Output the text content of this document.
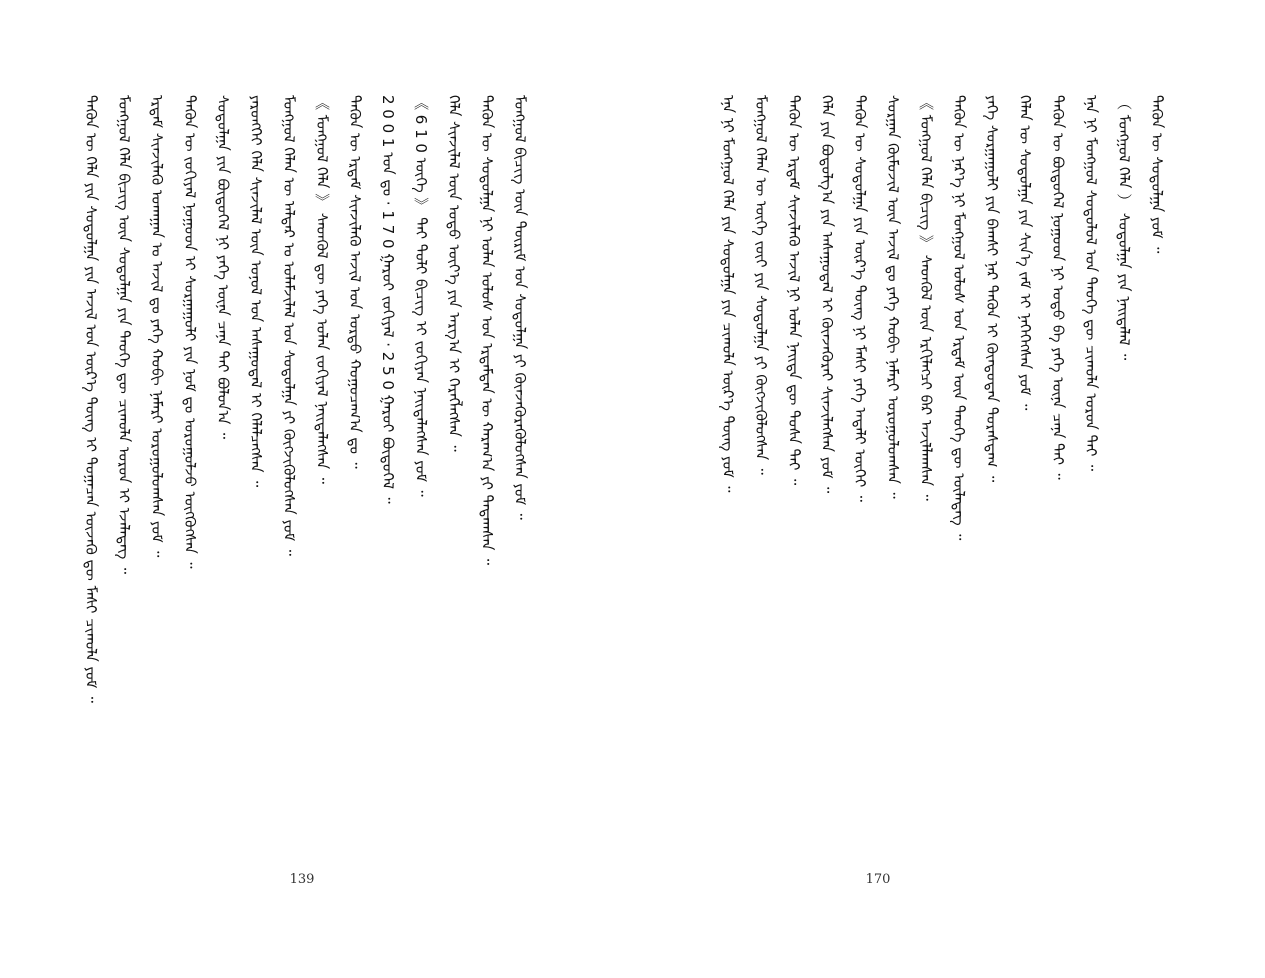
ᠲᠡᠭᠦᠨ ᠦ ᠬᠡᠯᠡ ᠶᠢᠨ ᠰᠤᠳᠤᠯᠭᠠ ᠶᠢᠨ ᠠᠵᠢᠯ ᠤᠨ ᠦᠷ᠎ᠡ ᠳᠦᠩ ᠢ ᠲᠣᠭᠠᠴᠠᠨ ᠦᠵᠡᠬᠦ ᠳᠦ ᠮᠠᠰᠢ ᠴᠢᠬᠤᠯᠠ ᠶᠤᠮ ᠃ ᠮᠣᠩᠭᠣᠯ ᠬᠡᠯᠡ ᠪᠢᠴᠢᠭ ᠦᠨ ᠰᠤᠳᠤᠯᠭᠠ ᠶᠢᠨ ᠲᠡᠦᠬᠡ ᠳᠦ ᠴᠢᠬᠤᠯᠠ ᠣᠷᠤᠨ ᠢ ᠡᠵᠡᠯᠡᠳᠡᠭ ᠃ ᠡᠷᠳᠡᠮ ᠰᠢᠨᠵᠢᠯᠡᠬᠦ ᠤᠬᠠᠭᠠᠨ ᠤ ᠠᠵᠢᠯ ᠳᠤ ᠶᠡᠬᠡ ᠬᠤᠪᠢ ᠨᠡᠮᠡᠷᠢ ᠣᠷᠤᠭᠤᠯᠤᠭᠰᠠᠨ ᠶᠤᠮ ᠃ ᠲᠡᠭᠦᠨ ᠦ ᠵᠣᠬᠢᠶᠠᠯ ᠨᠤᠭᠤᠳ ᠢ ᠰᠤᠷᠭᠠᠭᠤᠯᠢ ᠶᠢᠨ ᠨᠣᠮ ᠳᠤ ᠣᠷᠤᠭᠤᠯᠵᠤ ᠦᠭᠭᠦᠭᠰᠡᠨ ᠃ ᠰᠤᠳᠤᠯᠭᠠ ᠶᠢᠨ ᠪᠦᠲᠦᠭᠡᠯ ᠨᠢ ᠶᠡᠬᠡ ᠦᠨᠡ ᠴᠡᠨᠡ ᠲᠡᠢ ᠪᠣᠯᠤᠨ᠎ᠠ ᠃ ᠶᠡᠷᠦᠩᠬᠡᠢ ᠬᠡᠯᠡ ᠰᠢᠨᠵᠢᠯᠡᠯ ᠦᠨ ᠣᠨᠣᠯ ᠤᠨ ᠠᠰᠠᠭᠤᠳᠠᠯ ᠢ ᠬᠡᠯᠡᠯᠴᠡᠭᠰᠡᠨ ᠃ ᠮᠣᠩᠭᠣᠯ ᠬᠡᠯᠡᠨ ᠦ ᠠᠯᠳᠠᠷ ᠤ ᠤᠯᠠᠮᠵᠢᠯᠠᠯ ᠤᠨ ᠰᠤᠳᠤᠯᠭᠠ ᠶᠢ ᠬᠥᠭᠵᠢᠭᠦᠯᠦᠭᠰᠡᠨ ᠶᠤᠮ ᠃ 《 ᠮᠣᠩᠭᠣᠯ ᠬᠡᠯᠡ 》 ᠰᠡᠳᠭᠦᠯ ᠳᠦ ᠶᠡᠬᠡ ᠣᠯᠠᠨ ᠵᠣᠬᠢᠶᠠᠯ ᠨᠡᠢᠲᠡᠯᠡᠭᠰᠡᠨ ᠃ ᠲᠡᠭᠦᠨ ᠦ ᠡᠷᠳᠡᠮ ᠰᠢᠨᠵᠢᠯᠡᠬᠦ ᠠᠵᠢᠯ ᠤᠨ ᠤᠷᠲᠤ ᠬᠤᠭᠤᠴᠠᠭ᠎ᠠ ᠳᠤ ᠃ 2 0 0 1 ᠣᠨ ᠳᠤ · 1 7 0 ᠭᠠᠷᠤᠢ ᠵᠣᠬᠢᠶᠠᠯ · 2 5 0 ᠭᠠᠷᠤᠢ ᠪᠦᠲᠦᠭᠡᠯ ᠃ 《 6 1 0 ᠦᠭᠡ 》 ᠲᠡᠢ ᠲᠣᠯᠢ ᠪᠢᠴᠢᠭ ᠢ ᠵᠣᠬᠢᠶᠠᠨ ᠨᠡᠢᠲᠡᠯᠡᠭᠰᠡᠨ ᠶᠤᠮ ᠃ ᠬᠡᠯᠡ ᠰᠢᠨᠵᠢᠯᠡᠯ ᠦᠨ ᠣᠳᠣ ᠦᠶ᠎ᠡ ᠶᠢᠨ ᠠᠷᠭ᠎ᠠ ᠢ ᠬᠡᠷᠡᠭᠯᠡᠭᠰᠡᠨ ᠃ ᠲᠡᠭᠦᠨ ᠦ ᠰᠤᠳᠤᠯᠭᠠ ᠨᠢ ᠣᠯᠠᠨ ᠤᠯᠤᠰ ᠤᠨ ᠡᠷᠳᠡᠮᠲᠡᠨ ᠦ ᠬᠠᠷᠠᠭ᠎ᠠ ᠶᠢ ᠲᠠᠲᠠᠭᠰᠠᠨ ᠃ ᠮᠣᠩᠭᠣᠯ ᠪᠢᠴᠢᠭ ᠦᠨ ᠳᠦᠷᠢᠮ ᠤᠨ ᠰᠤᠳᠤᠯᠭᠠ ᠶᠢ ᠭᠦᠨᠵᠡᠭᠦᠷᠡᠭᠦᠯᠦᠭᠰᠡᠨ ᠶᠤᠮ ᠃
139
ᠡᠨᠡ ᠨᠢ ᠮᠣᠩᠭᠣᠯ ᠬᠡᠯᠡ ᠶᠢᠨ ᠰᠤᠳᠤᠯᠭᠠ ᠶᠢᠨ ᠴᠢᠬᠤᠯᠠ ᠦᠷ᠎ᠡ ᠳᠦᠩ ᠶᠤᠮ ᠃ ᠮᠣᠩᠭᠣᠯ ᠬᠡᠯᠡᠨ ᠦ ᠦᠭᠡ ᠵᠦᠢ ᠶᠢᠨ ᠰᠤᠳᠤᠯᠭᠠ ᠶᠢ ᠬᠥᠭᠵᠢᠭᠦᠯᠦᠭᠰᠡᠨ ᠃ ᠲᠡᠭᠦᠨ ᠦ ᠡᠷᠳᠡᠮ ᠰᠢᠨᠵᠢᠯᠡᠬᠦ ᠠᠵᠢᠯ ᠨᠢ ᠣᠯᠠᠨ ᠨᠡᠢᠲᠡ ᠳᠦ ᠲᠤᠰᠠ ᠲᠠᠢ ᠃ ᠬᠡᠯᠡ ᠶᠢᠨ ᠪᠤᠳᠤᠯᠭ᠎ᠠ ᠶᠢᠨ ᠠᠰᠠᠭᠤᠳᠠᠯ ᠢ ᠭᠦᠨᠵᠡᠭᠦᠷᠡᠢ ᠰᠢᠨᠵᠢᠯᠡᠭᠰᠡᠨ ᠶᠤᠮ ᠃ ᠲᠡᠭᠦᠨ ᠦ ᠰᠤᠳᠤᠯᠭᠠ ᠶᠢᠨ ᠦᠷ᠎ᠡ ᠳᠦᠩ ᠨᠢ ᠮᠠᠰᠢ ᠶᠡᠬᠡ ᠠᠳᠠᠯᠢ ᠦᠭᠡᠢ ᠃ ᠰᠤᠷᠭᠠᠨ ᠬᠦᠮᠦᠵᠢᠯ ᠦᠨ ᠠᠵᠢᠯ ᠳᠤ ᠶᠡᠬᠡ ᠬᠤᠪᠢ ᠨᠡᠮᠡᠷᠢ ᠣᠷᠤᠭᠤᠯᠤᠭᠰᠠᠨ ᠃ 《 ᠮᠣᠩᠭᠣᠯ ᠬᠡᠯᠡ ᠪᠢᠴᠢᠭ 》 ᠰᠡᠳᠭᠦᠯ ᠦᠨ ᠡᠷᠬᠢᠯᠡᠭᠴᠢ ᠪᠠᠷ ᠠᠵᠢᠯᠯᠠᠭᠰᠠᠨ ᠃ ᠲᠡᠭᠦᠨ ᠦ ᠨᠡᠷ᠎ᠡ ᠨᠢ ᠮᠣᠩᠭᠣᠯ ᠤᠯᠤᠰ ᠤᠨ ᠡᠷᠳᠡᠮ ᠦᠨ ᠲᠡᠦᠬᠡ ᠳᠦ ᠦᠯᠡᠳᠡᠭ ᠃ ᠶᠡᠬᠡ ᠰᠤᠷᠭᠠᠭᠤᠯᠢ ᠶᠢᠨ ᠪᠠᠭᠰᠢ ᠨᠠᠷ ᠲᠡᠭᠦᠨ ᠢ ᠬᠦᠨᠳᠦᠳᠡᠨ ᠳᠤᠷᠠᠰᠳᠠᠭ ᠃ ᠬᠡᠯᠡᠨ ᠦ ᠰᠤᠳᠤᠯᠭᠠ ᠶᠢᠨ ᠰᠢᠨ᠎ᠡ ᠵᠠᠮ ᠢ ᠨᠡᠭᠡᠭᠡᠭᠰᠡᠨ ᠶᠤᠮ ᠃ ᠲᠡᠭᠦᠨ ᠦ ᠪᠦᠲᠦᠭᠡᠯ ᠨᠤᠭᠤᠳ ᠨᠢ ᠣᠳᠣ ᠪᠠ ᠶᠡᠬᠡ ᠦᠨᠡ ᠴᠡᠨᠡ ᠲᠡᠢ ᠃ ᠡᠨᠡ ᠨᠢ ᠮᠣᠩᠭᠣᠯ ᠰᠤᠳᠤᠯᠤᠯ ᠤᠨ ᠲᠡᠦᠬᠡ ᠳᠦ ᠴᠢᠬᠤᠯᠠ ᠣᠷᠤᠨ ᠲᠠᠢ ᠃ （ ᠮᠣᠩᠭᠣᠯ ᠬᠡᠯᠡ ） ᠰᠤᠳᠤᠯᠭᠠ ᠶᠢᠨ ᠨᠡᠢᠲᠡᠯᠡᠯ ᠃ ᠲᠡᠭᠦᠨ ᠦ ᠰᠤᠳᠤᠯᠭᠠ ᠶᠤᠮ ᠃
170
